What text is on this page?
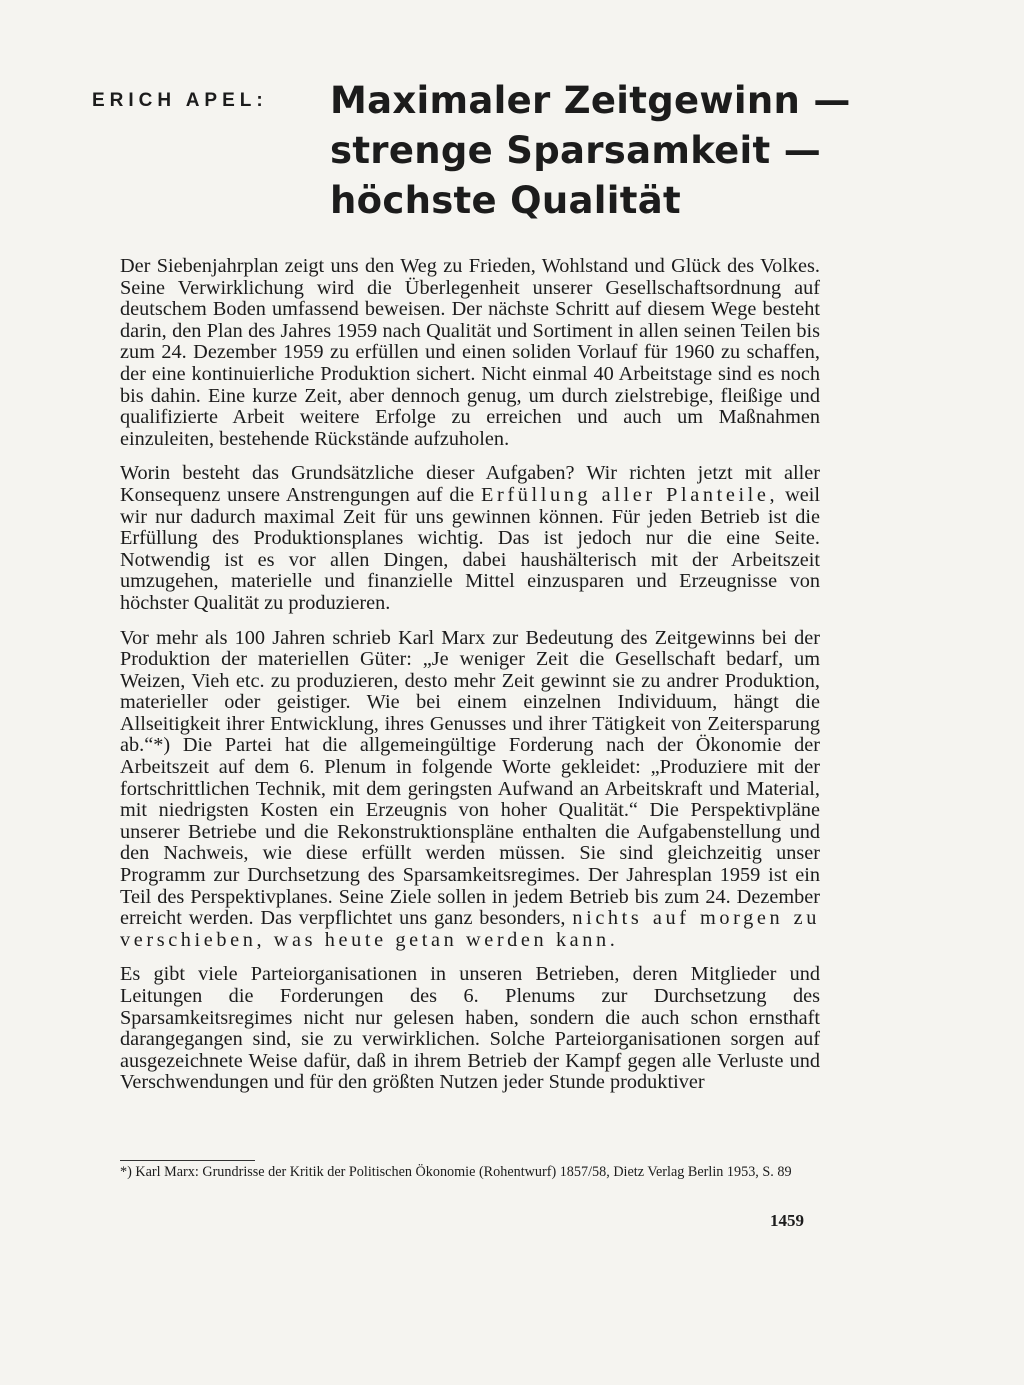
ERICH APEL: Maximaler Zeitgewinn —
strenge Sparsamkeit —
höchste Qualität

Der Siebenjahrplan zeigt uns den Weg zu Frieden, Wohlstand und Glück des Volkes. Seine Verwirklichung wird die Überlegenheit unserer Gesellschaftsordnung auf deutschem Boden umfassend beweisen. Der nächste Schritt auf diesem Wege besteht darin, den Plan des Jahres 1959 nach Qualität und Sortiment in allen seinen Teilen bis zum 24. Dezember 1959 zu erfüllen und einen soliden Vorlauf für 1960 zu schaffen, der eine kontinuierliche Produktion sichert. Nicht einmal 40 Arbeitstage sind es noch bis dahin. Eine kurze Zeit, aber dennoch genug, um durch zielstrebige, fleißige und qualifizierte Arbeit weitere Erfolge zu erreichen und auch um Maßnahmen einzuleiten, bestehende Rückstände aufzuholen.

Worin besteht das Grundsätzliche dieser Aufgaben? Wir richten jetzt mit aller Konsequenz unsere Anstrengungen auf die Erfüllung aller Planteile, weil wir nur dadurch maximal Zeit für uns gewinnen können. Für jeden Betrieb ist die Erfüllung des Produktionsplanes wichtig. Das ist jedoch nur die eine Seite. Notwendig ist es vor allen Dingen, dabei haushälterisch mit der Arbeitszeit umzugehen, materielle und finanzielle Mittel einzusparen und Erzeugnisse von höchster Qualität zu produzieren.

Vor mehr als 100 Jahren schrieb Karl Marx zur Bedeutung des Zeitgewinns bei der Produktion der materiellen Güter: „Je weniger Zeit die Gesellschaft bedarf, um Weizen, Vieh etc. zu produzieren, desto mehr Zeit gewinnt sie zu andrer Produktion, materieller oder geistiger. Wie bei einem einzelnen Individuum, hängt die Allseitigkeit ihrer Entwicklung, ihres Genusses und ihrer Tätigkeit von Zeitersparung ab.“*) Die Partei hat die allgemeingültige Forderung nach der Ökonomie der Arbeitszeit auf dem 6. Plenum in folgende Worte gekleidet: „Produziere mit der fortschrittlichen Technik, mit dem geringsten Aufwand an Arbeitskraft und Material, mit niedrigsten Kosten ein Erzeugnis von hoher Qualität.“ Die Perspektivpläne unserer Betriebe und die Rekonstruktionspläne enthalten die Aufgabenstellung und den Nachweis, wie diese erfüllt werden müssen. Sie sind gleichzeitig unser Programm zur Durchsetzung des Sparsamkeitsregimes. Der Jahresplan 1959 ist ein Teil des Perspektivplanes. Seine Ziele sollen in jedem Betrieb bis zum 24. Dezember erreicht werden. Das verpflichtet uns ganz besonders, nichts auf morgen zu verschieben, was heute getan werden kann.

Es gibt viele Parteiorganisationen in unseren Betrieben, deren Mitglieder und Leitungen die Forderungen des 6. Plenums zur Durchsetzung des Sparsamkeitsregimes nicht nur gelesen haben, sondern die auch schon ernsthaft darangegangen sind, sie zu verwirklichen. Solche Parteiorganisationen sorgen auf ausgezeichnete Weise dafür, daß in ihrem Betrieb der Kampf gegen alle Verluste und Verschwendungen und für den größten Nutzen jeder Stunde produktiver

*) Karl Marx: Grundrisse der Kritik der Politischen Ökonomie (Rohentwurf) 1857/58, Dietz Verlag Berlin 1953, S. 89
1459
